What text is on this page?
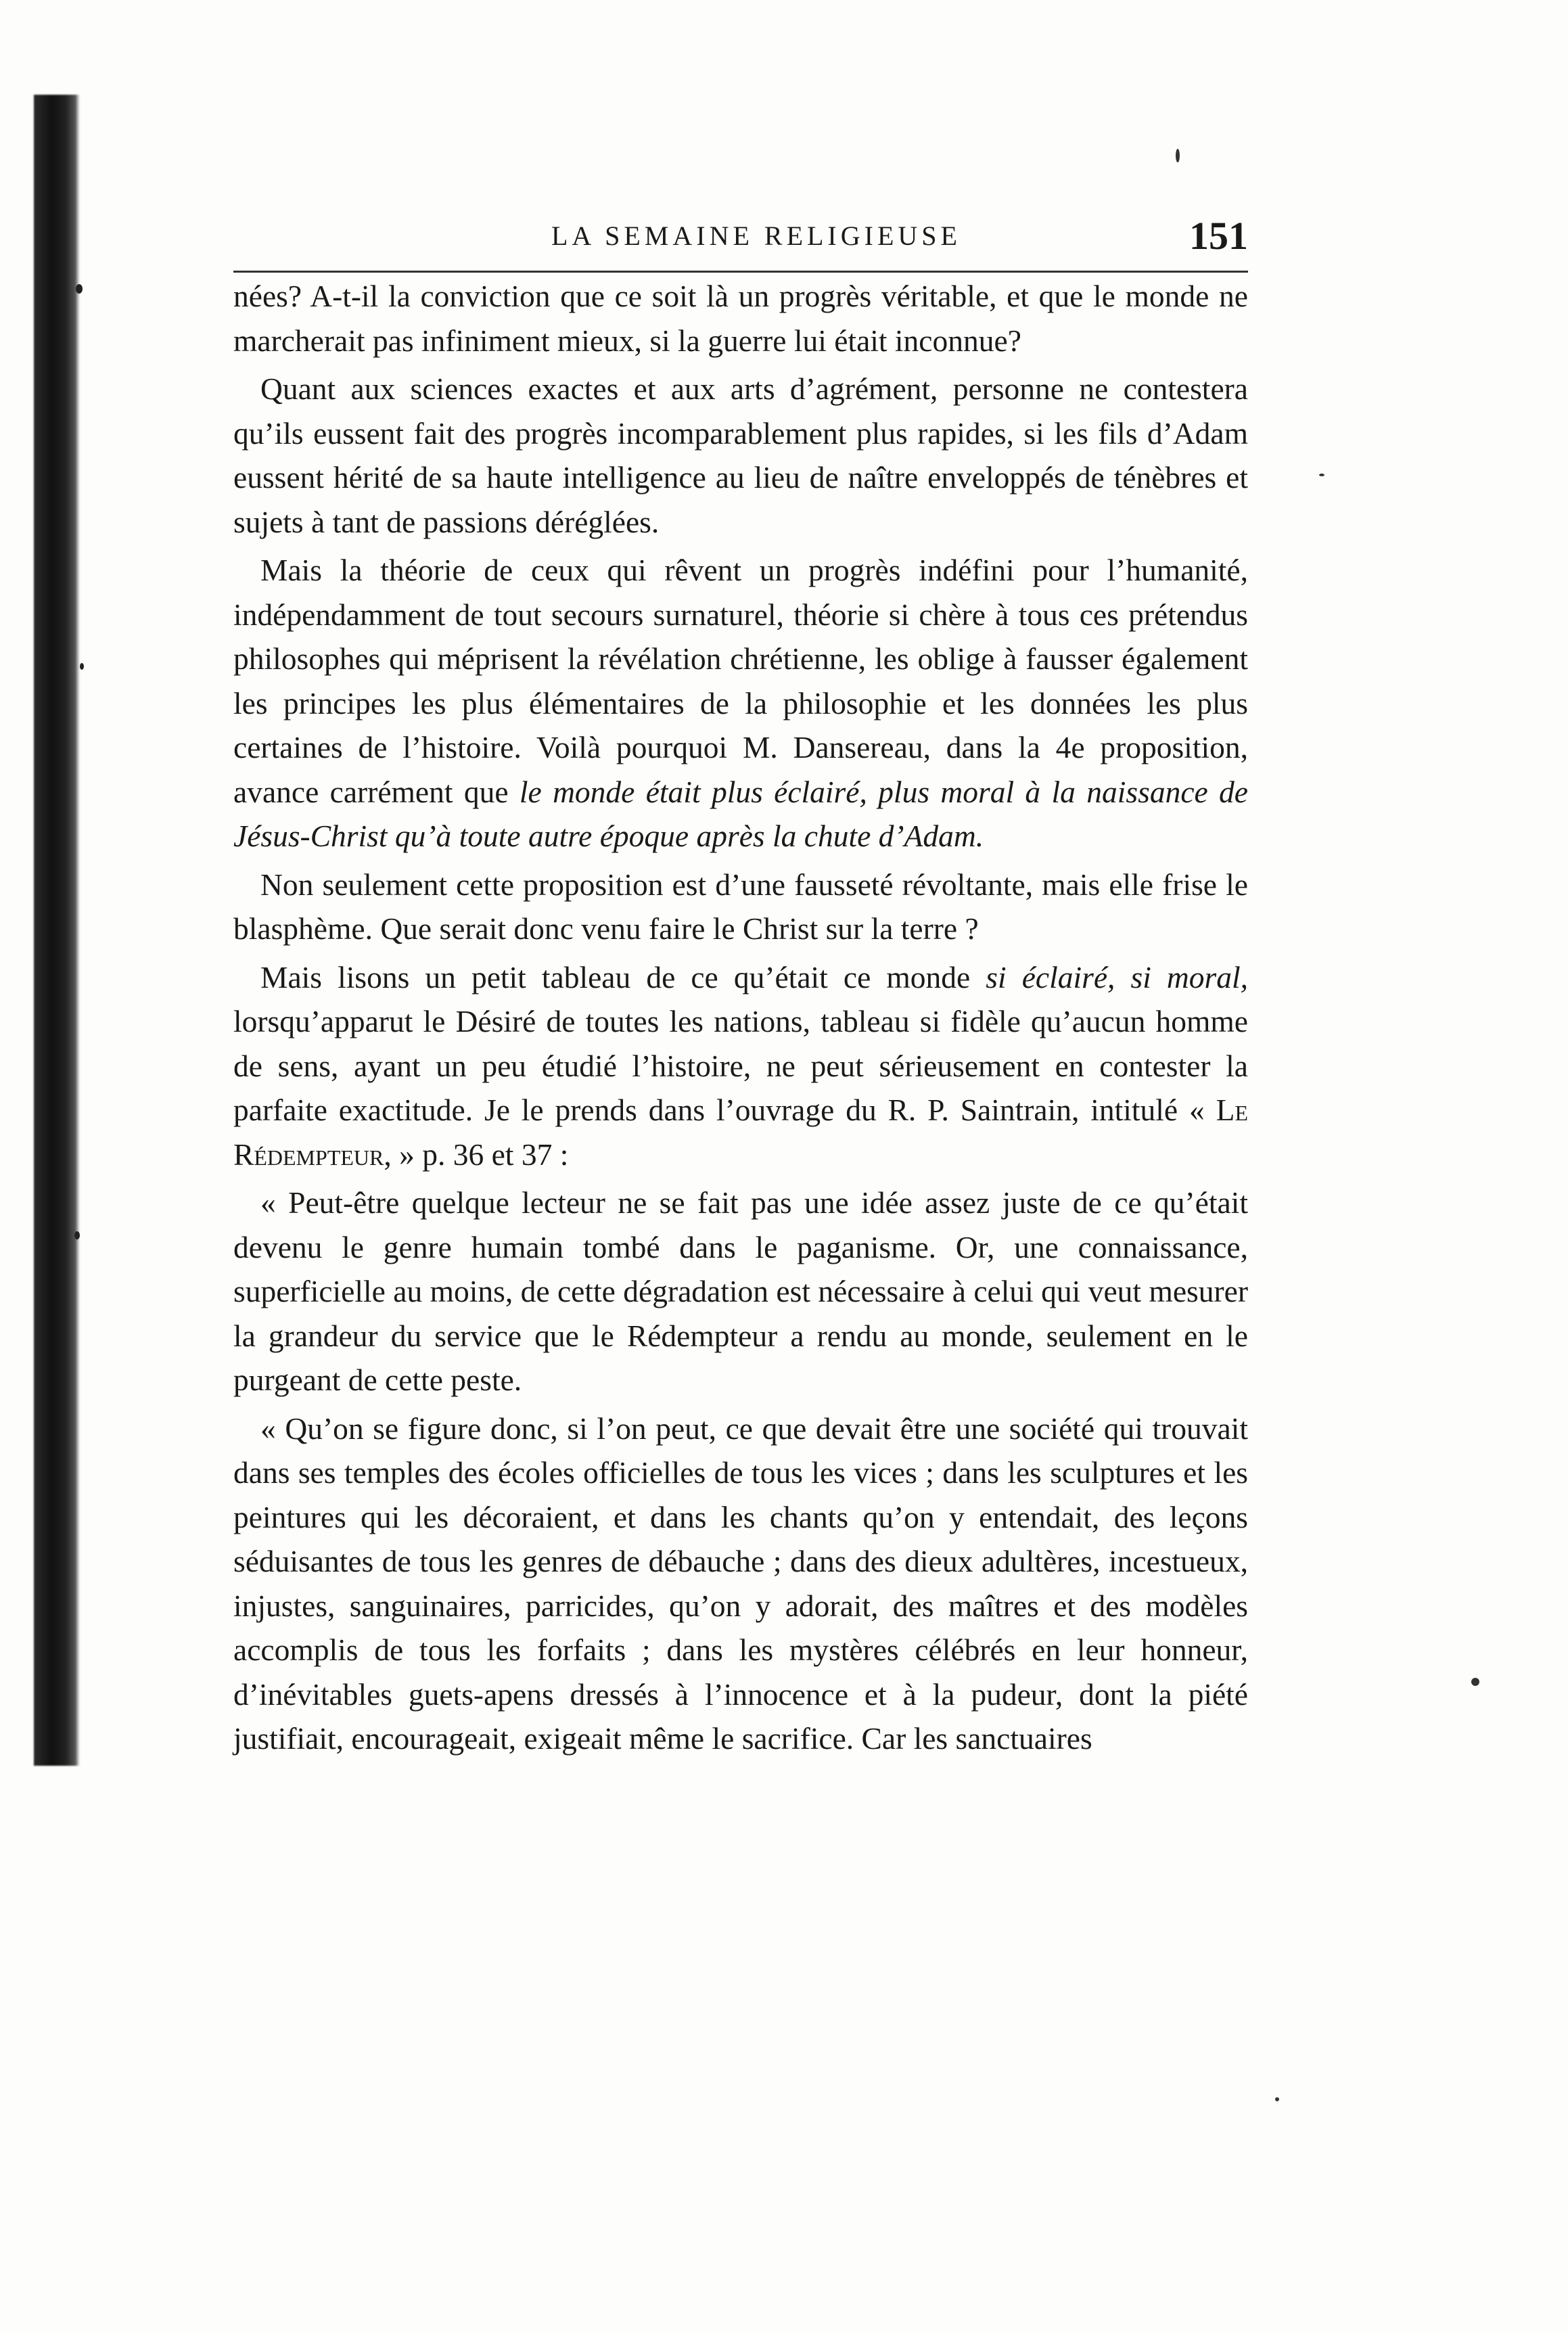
LA SEMAINE RELIGIEUSE	151

nées? A-t-il la conviction que ce soit là un progrès véritable, et que le monde ne marcherait pas infiniment mieux, si la guerre lui était inconnue?

Quant aux sciences exactes et aux arts d’agrément, personne ne contestera qu’ils eussent fait des progrès incomparablement plus rapides, si les fils d’Adam eussent hérité de sa haute intelligence au lieu de naître enveloppés de ténèbres et sujets à tant de passions déréglées.

Mais la théorie de ceux qui rêvent un progrès indéfini pour l’humanité, indépendamment de tout secours surnaturel, théorie si chère à tous ces prétendus philosophes qui méprisent la révélation chrétienne, les oblige à fausser également les principes les plus élémentaires de la philosophie et les données les plus certaines de l’histoire. Voilà pourquoi M. Dansereau, dans la 4e proposition, avance carrément que le monde était plus éclairé, plus moral à la naissance de Jésus-Christ qu’à toute autre époque après la chute d’Adam.

Non seulement cette proposition est d’une fausseté révoltante, mais elle frise le blasphème. Que serait donc venu faire le Christ sur la terre ?

Mais lisons un petit tableau de ce qu’était ce monde si éclairé, si moral, lorsqu’apparut le Désiré de toutes les nations, tableau si fidèle qu’aucun homme de sens, ayant un peu étudié l’histoire, ne peut sérieusement en contester la parfaite exactitude. Je le prends dans l’ouvrage du R. P. Saintrain, intitulé « Le Rédempteur, » p. 36 et 37 :

« Peut-être quelque lecteur ne se fait pas une idée assez juste de ce qu’était devenu le genre humain tombé dans le paganisme. Or, une connaissance, superficielle au moins, de cette dégradation est nécessaire à celui qui veut mesurer la grandeur du service que le Rédempteur a rendu au monde, seulement en le purgeant de cette peste.

« Qu’on se figure donc, si l’on peut, ce que devait être une société qui trouvait dans ses temples des écoles officielles de tous les vices ; dans les sculptures et les peintures qui les décoraient, et dans les chants qu’on y entendait, des leçons séduisantes de tous les genres de débauche ; dans des dieux adultères, incestueux, injustes, sanguinaires, parricides, qu’on y adorait, des maîtres et des modèles accomplis de tous les forfaits ; dans les mystères célébrés en leur honneur, d’inévitables guets-apens dressés à l’innocence et à la pudeur, dont la piété justifiait, encourageait, exigeait même le sacrifice. Car les sanctuaires
